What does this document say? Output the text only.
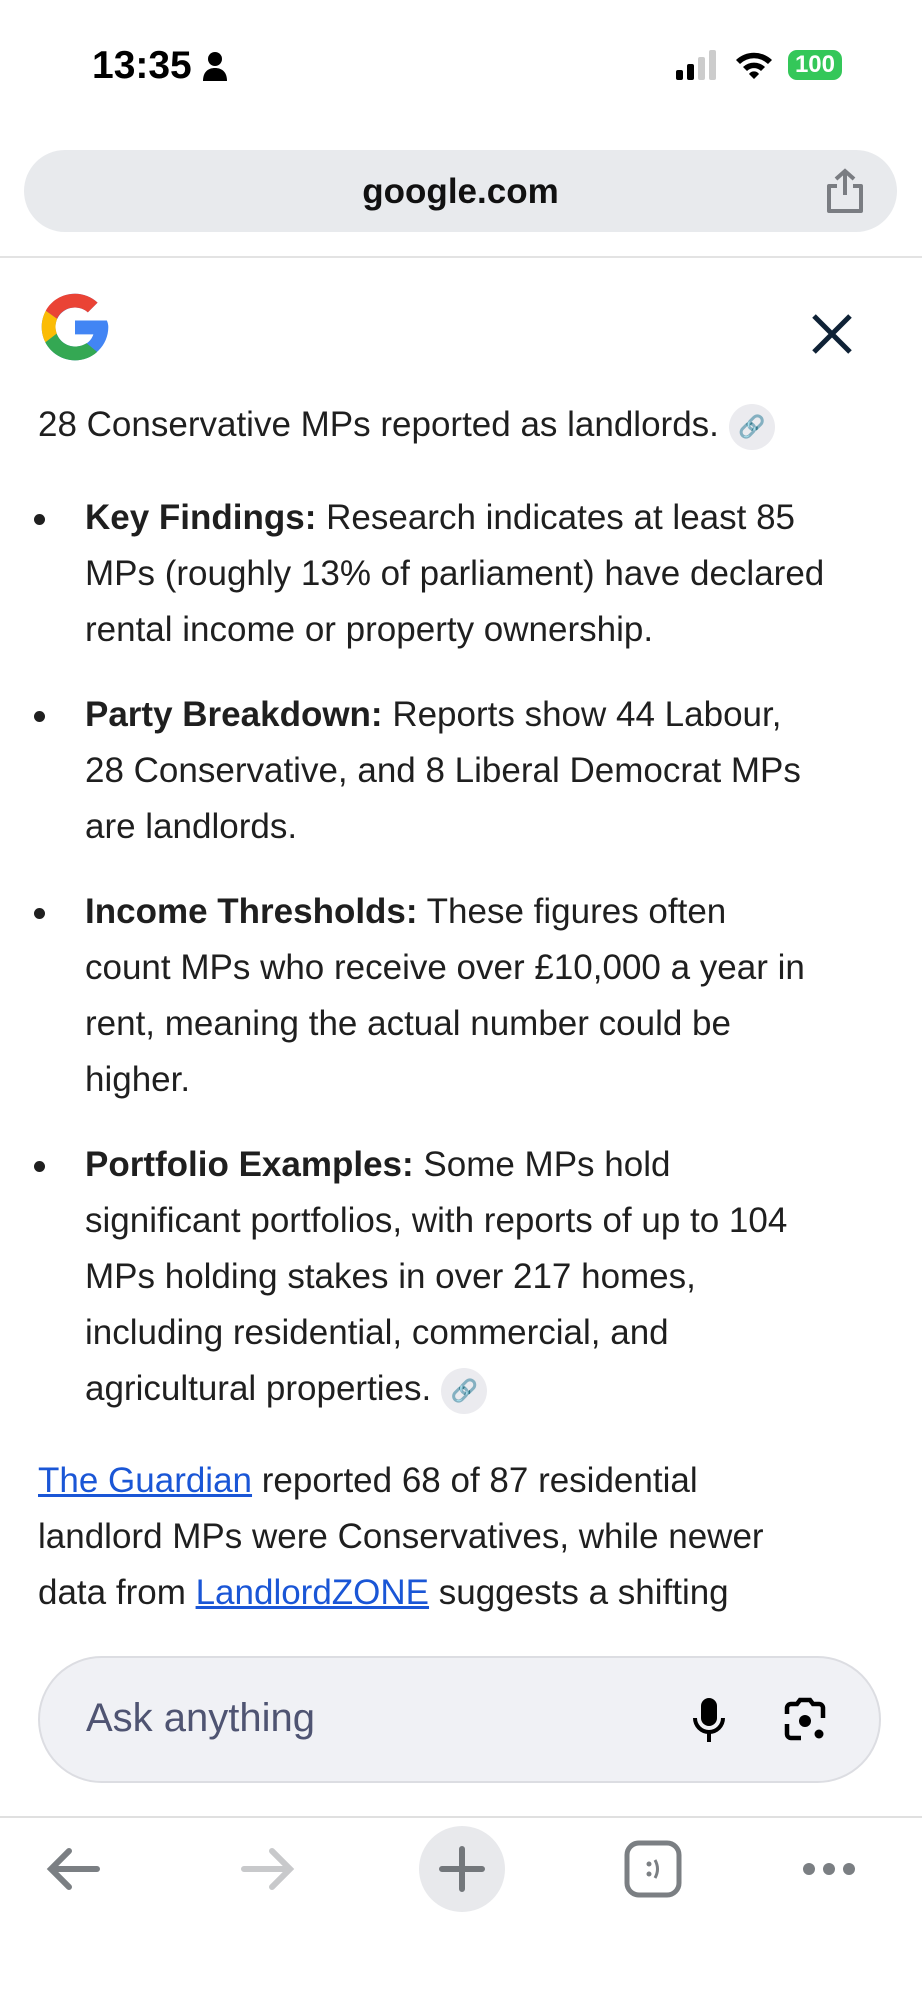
13:35	100
google.com
28 Conservative MPs reported as landlords. 🔗
Key Findings: Research indicates at least 85
MPs (roughly 13% of parliament) have declared
rental income or property ownership.
Party Breakdown: Reports show 44 Labour,
28 Conservative, and 8 Liberal Democrat MPs
are landlords.
Income Thresholds: These figures often
count MPs who receive over £10,000 a year in
rent, meaning the actual number could be
higher.
Portfolio Examples: Some MPs hold
significant portfolios, with reports of up to 104
MPs holding stakes in over 217 homes,
including residential, commercial, and
agricultural properties. 🔗
The Guardian reported 68 of 87 residential
landlord MPs were Conservatives, while newer
data from LandlordZONE suggests a shifting
Ask anything
